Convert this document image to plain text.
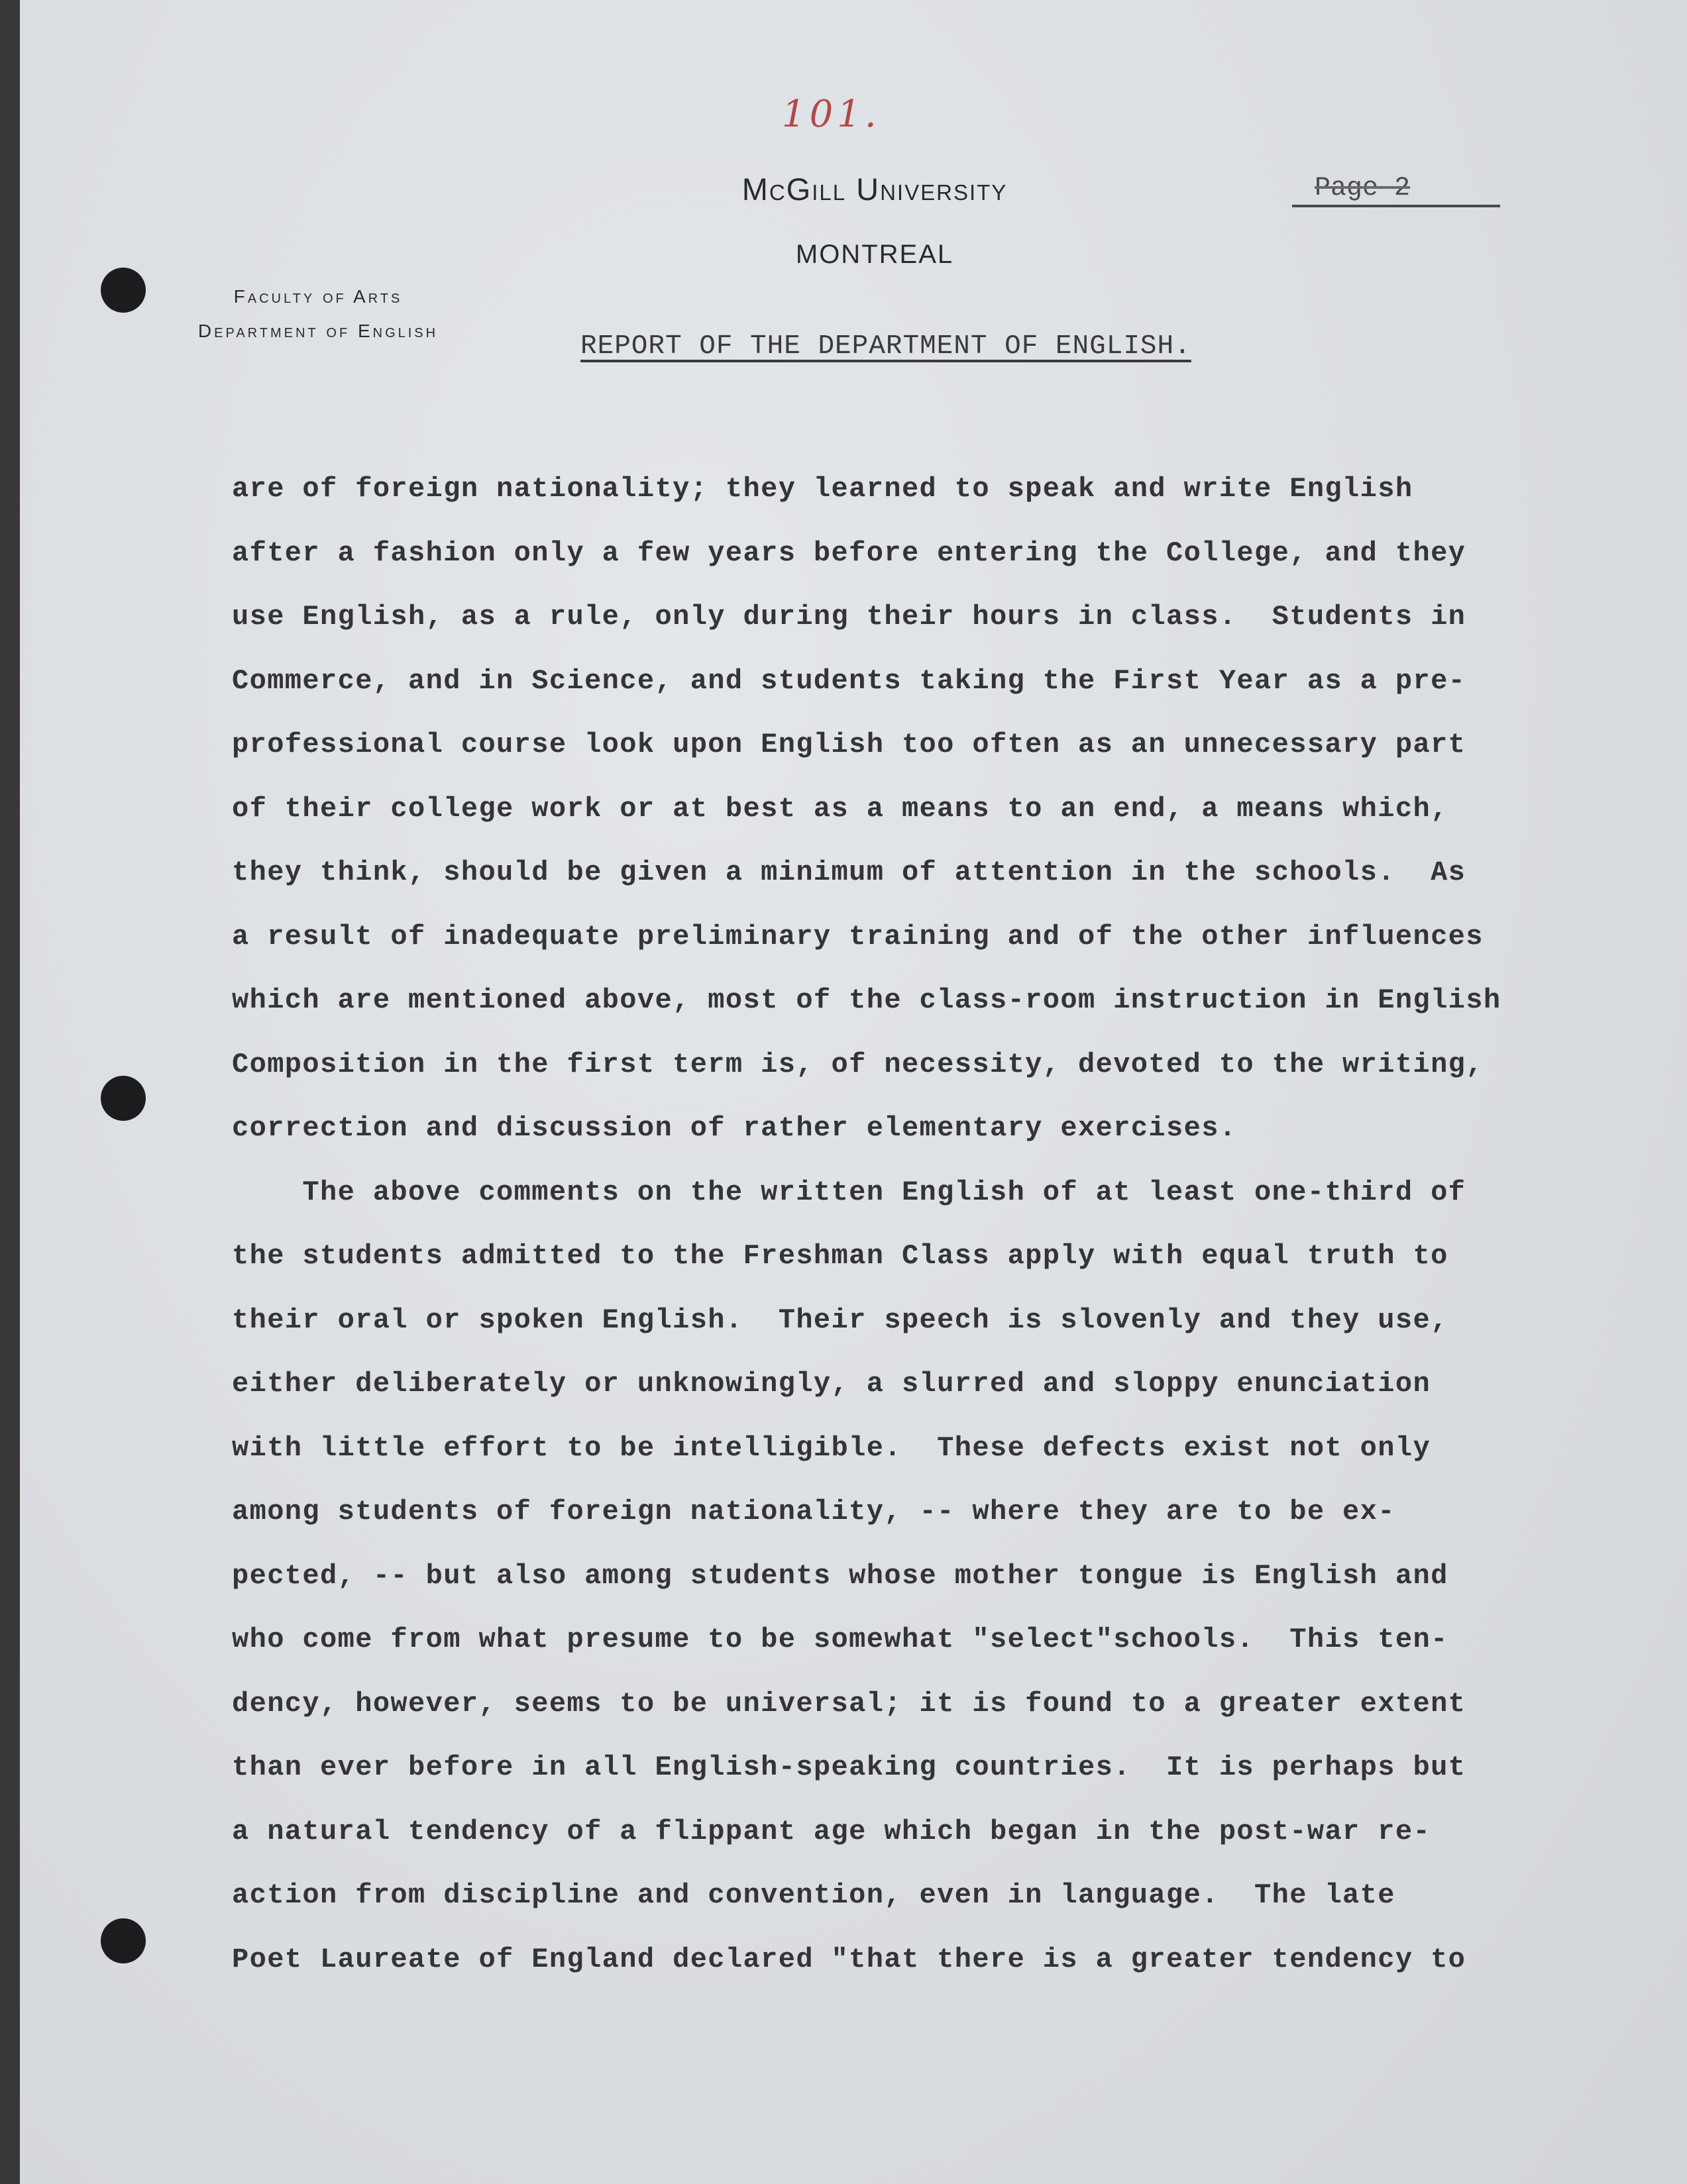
101.
McGill University
MONTREAL
Page 2
Faculty of Arts
Department of English
REPORT OF THE DEPARTMENT OF ENGLISH.
are of foreign nationality; they learned to speak and write English
after a fashion only a few years before entering the College, and they
use English, as a rule, only during their hours in class.  Students in
Commerce, and in Science, and students taking the First Year as a pre-
professional course look upon English too often as an unnecessary part
of their college work or at best as a means to an end, a means which,
they think, should be given a minimum of attention in the schools.  As
a result of inadequate preliminary training and of the other influences
which are mentioned above, most of the class-room instruction in English
Composition in the first term is, of necessity, devoted to the writing,
correction and discussion of rather elementary exercises.
The above comments on the written English of at least one-third of
the students admitted to the Freshman Class apply with equal truth to
their oral or spoken English.  Their speech is slovenly and they use,
either deliberately or unknowingly, a slurred and sloppy enunciation
with little effort to be intelligible.  These defects exist not only
among students of foreign nationality, -- where they are to be ex-
pected, -- but also among students whose mother tongue is English and
who come from what presume to be somewhat "select"schools.  This ten-
dency, however, seems to be universal; it is found to a greater extent
than ever before in all English-speaking countries.  It is perhaps but
a natural tendency of a flippant age which began in the post-war re-
action from discipline and convention, even in language.  The late
Poet Laureate of England declared "that there is a greater tendency to
